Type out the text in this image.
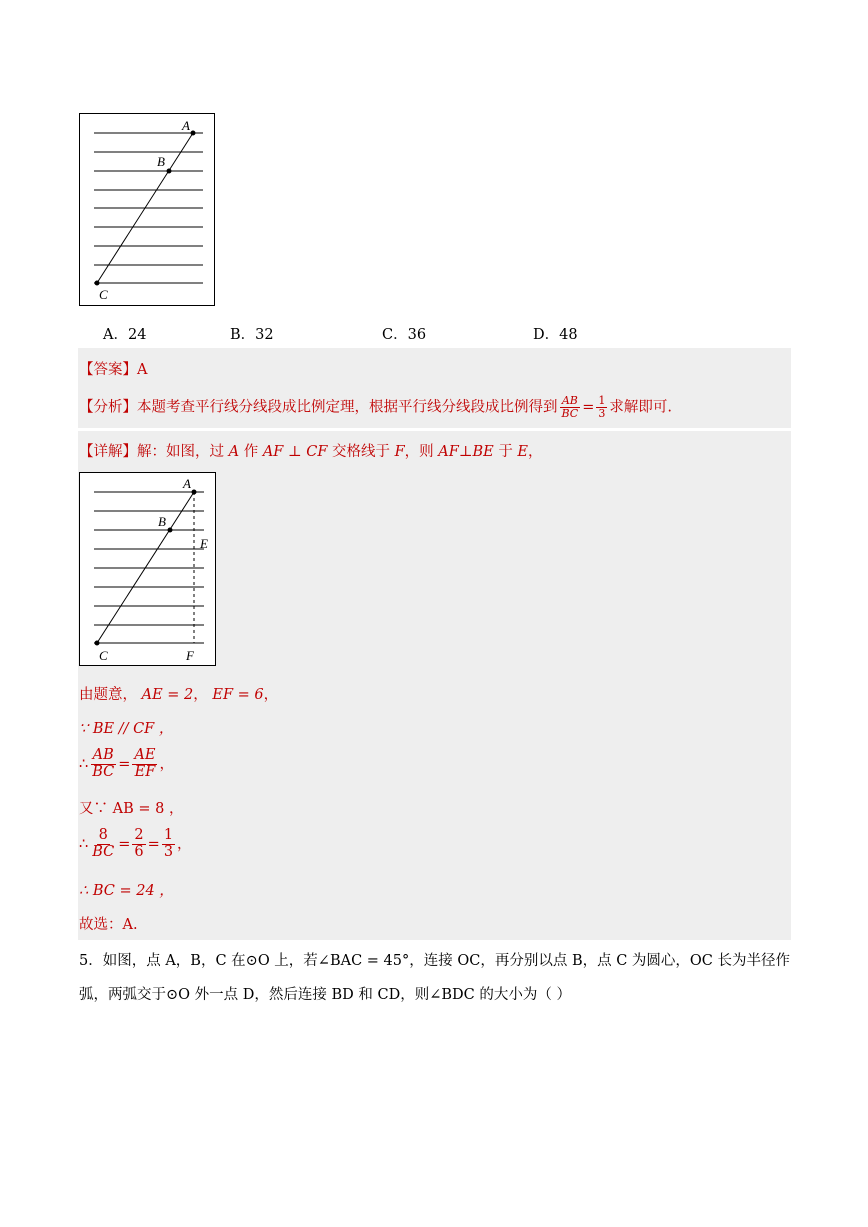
A
B
C
A．24	B．32	C．36	D．48
【答案】A
【分析】本题考查平行线分线段成比例定理，根据平行线分线段成比例得到 $\frac{AB}{BC} = \frac{1}{3}$ 求解即可.
【详解】解：如图，过 A 作 AF ⊥ CF 交格线于 F，则 AF⊥BE 于 E，
A
B
E
C	F
由题意， AE = 2， EF = 6，
∵ BE // CF ，
∴ $\frac{AB}{BC} = \frac{AE}{EF}$ ，
又∵ AB = 8 ，
∴ $\frac{8}{BC} = \frac{2}{6} = \frac{1}{3}$ ，
∴ BC = 24 ，
故选：A.
5．如图，点 A，B，C 在⊙O 上，若∠BAC = 45°，连接 OC，再分别以点 B，点 C 为圆心，OC 长为半径作
弧，两弧交于⊙O 外一点 D，然后连接 BD 和 CD，则∠BDC 的大小为（ ）
